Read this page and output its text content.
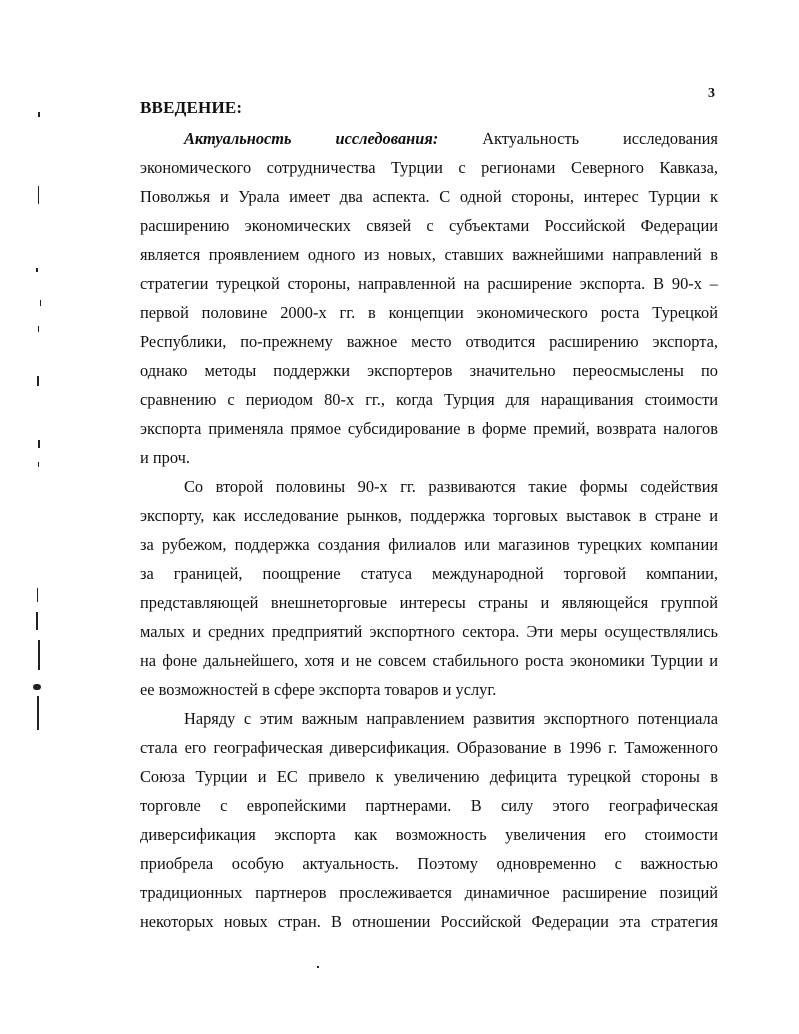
3
ВВЕДЕНИЕ:
Актуальность	исследования:	Актуальность	исследования
экономического сотрудничества Турции с регионами Северного Кавказа,
Поволжья и Урала имеет два аспекта. С одной стороны, интерес Турции к
расширению экономических связей с субъектами Российской Федерации
является проявлением одного из новых, ставших важнейшими направлений в
стратегии турецкой стороны, направленной на расширение экспорта. В 90-х –
первой половине 2000-х гг. в концепции экономического роста Турецкой
Республики, по-прежнему важное место отводится расширению экспорта,
однако методы поддержки экспортеров значительно переосмыслены по
сравнению с периодом 80-х гг., когда Турция для наращивания стоимости
экспорта применяла прямое субсидирование в форме премий, возврата налогов
и проч.
Со второй половины 90-х гг. развиваются такие формы содействия
экспорту, как исследование рынков, поддержка торговых выставок в стране и
за рубежом, поддержка создания филиалов или магазинов турецких компании
за границей, поощрение статуса международной торговой компании,
представляющей внешнеторговые интересы страны и являющейся группой
малых и средних предприятий экспортного сектора. Эти меры осуществлялись
на фоне дальнейшего, хотя и не совсем стабильного роста экономики Турции и
ее возможностей в сфере экспорта товаров и услуг.
Наряду с этим важным направлением развития экспортного потенциала
стала его географическая диверсификация. Образование в 1996 г. Таможенного
Союза Турции и ЕС привело к увеличению дефицита турецкой стороны в
торговле с европейскими партнерами. В силу этого географическая
диверсификация экспорта как возможность увеличения его стоимости
приобрела особую актуальность. Поэтому одновременно с важностью
традиционных партнеров прослеживается динамичное расширение позиций
некоторых новых стран. В отношении Российской Федерации эта стратегия
